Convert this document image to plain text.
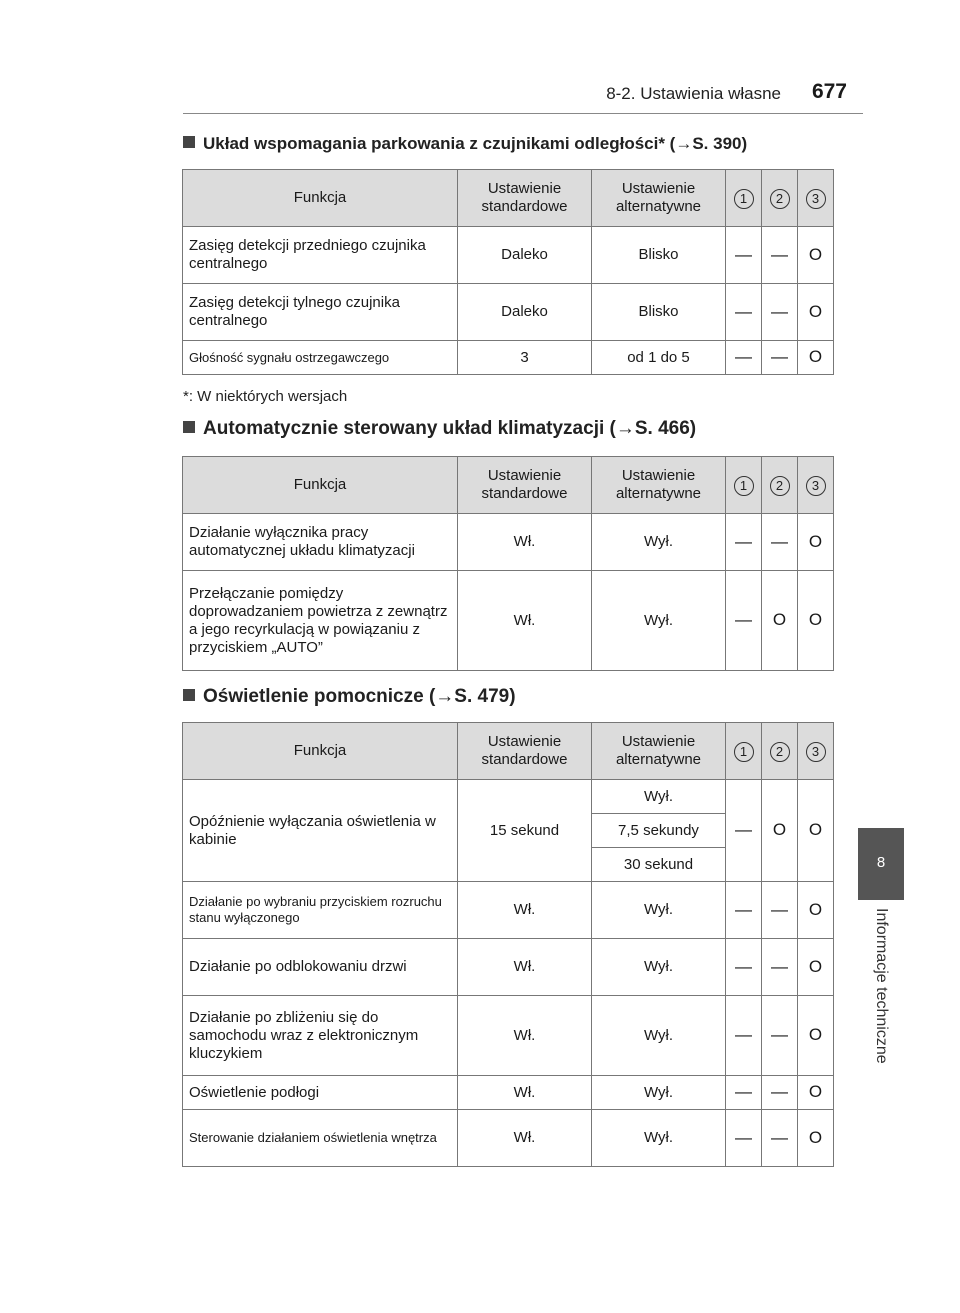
8-2. Ustawienia własne 677
8
Informacje techniczne
Układ wspomagania parkowania z czujnikami odległości* (→S. 390)
Funkcja	Ustawienie standardowe	Ustawienie alternatywne	1	2	3
Zasięg detekcji przedniego czujnika centralnego	Daleko	Blisko	—	—	O
Zasięg detekcji tylnego czujnika centralnego	Daleko	Blisko	—	—	O
Głośność sygnału ostrzegawczego	3	od 1 do 5	—	—	O
*: W niektórych wersjach
Automatycznie sterowany układ klimatyzacji (→S. 466)
Funkcja	Ustawienie standardowe	Ustawienie alternatywne	1	2	3
Działanie wyłącznika pracy automatycznej układu klimatyzacji	Wł.	Wył.	—	—	O
Przełączanie pomiędzy doprowadzaniem powietrza z zewnątrz a jego recyrkulacją w powiązaniu z przyciskiem „AUTO”	Wł.	Wył.	—	O	O
Oświetlenie pomocnicze (→S. 479)
Funkcja	Ustawienie standardowe	Ustawienie alternatywne	1	2	3
Opóźnienie wyłączania oświetlenia w kabinie	15 sekund	Wył.	—	O	O
		7,5 sekundy			
		30 sekund			
Działanie po wybraniu przyciskiem rozruchu stanu wyłączonego	Wł.	Wył.	—	—	O
Działanie po odblokowaniu drzwi	Wł.	Wył.	—	—	O
Działanie po zbliżeniu się do samochodu wraz z elektronicznym kluczykiem	Wł.	Wył.	—	—	O
Oświetlenie podłogi	Wł.	Wył.	—	—	O
Sterowanie działaniem oświetlenia wnętrza	Wł.	Wył.	—	—	O
